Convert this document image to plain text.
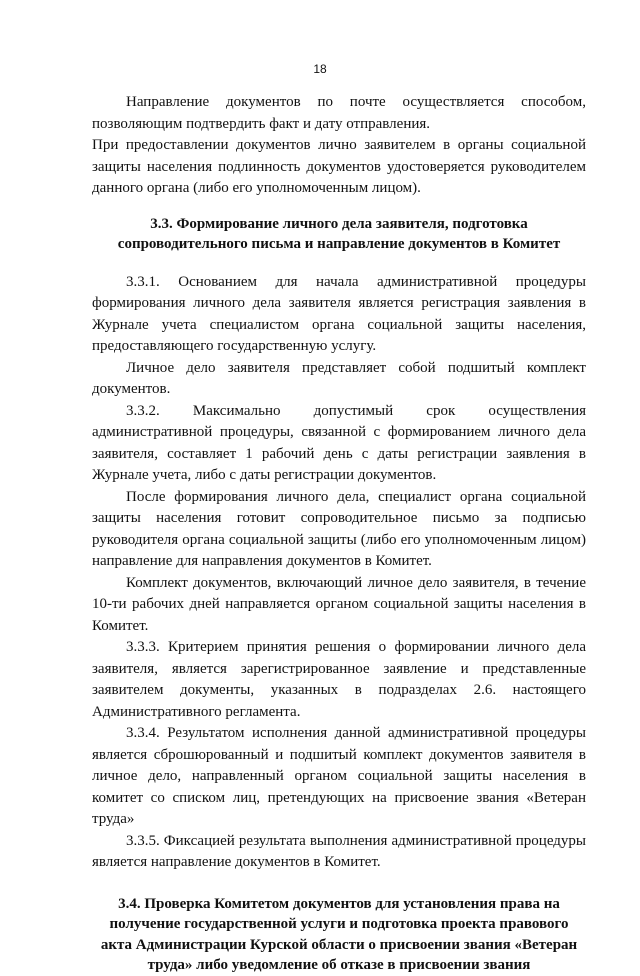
18

Направление документов по почте осуществляется способом, позволяющим подтвердить факт и дату отправления.

При предоставлении документов лично заявителем в органы социальной защиты населения подлинность документов удостоверяется руководителем данного органа (либо его уполномоченным лицом).

3.3. Формирование личного дела заявителя, подготовка сопроводительного письма и направление документов в Комитет

3.3.1. Основанием для начала административной процедуры формирования личного дела заявителя является регистрация заявления в Журнале учета специалистом органа социальной защиты населения, предоставляющего государственную услугу.

Личное дело заявителя представляет собой подшитый комплект документов.

3.3.2. Максимально допустимый срок осуществления административной процедуры, связанной с формированием личного дела заявителя, составляет 1 рабочий день с даты регистрации заявления в Журнале учета, либо с даты регистрации документов.

После формирования личного дела, специалист органа социальной защиты населения готовит сопроводительное письмо за подписью руководителя органа социальной защиты (либо его уполномоченным лицом) направление для направления документов в Комитет.

Комплект документов, включающий личное дело заявителя, в течение 10-ти рабочих дней направляется органом социальной защиты населения в Комитет.

3.3.3. Критерием принятия решения о формировании личного дела заявителя, является зарегистрированное заявление и представленные заявителем документы, указанных в подразделах 2.6. настоящего Административного регламента.

3.3.4. Результатом исполнения данной административной процедуры является сброшюрованный и подшитый комплект документов заявителя в личное дело, направленный органом социальной защиты населения в комитет со списком лиц, претендующих на присвоение звания «Ветеран труда»

3.3.5. Фиксацией результата выполнения административной процедуры является направление документов в Комитет.

3.4. Проверка Комитетом документов для установления права на получение государственной услуги и подготовка проекта правового акта Администрации Курской области о присвоении звания «Ветеран труда» либо уведомление об отказе в присвоении звания
